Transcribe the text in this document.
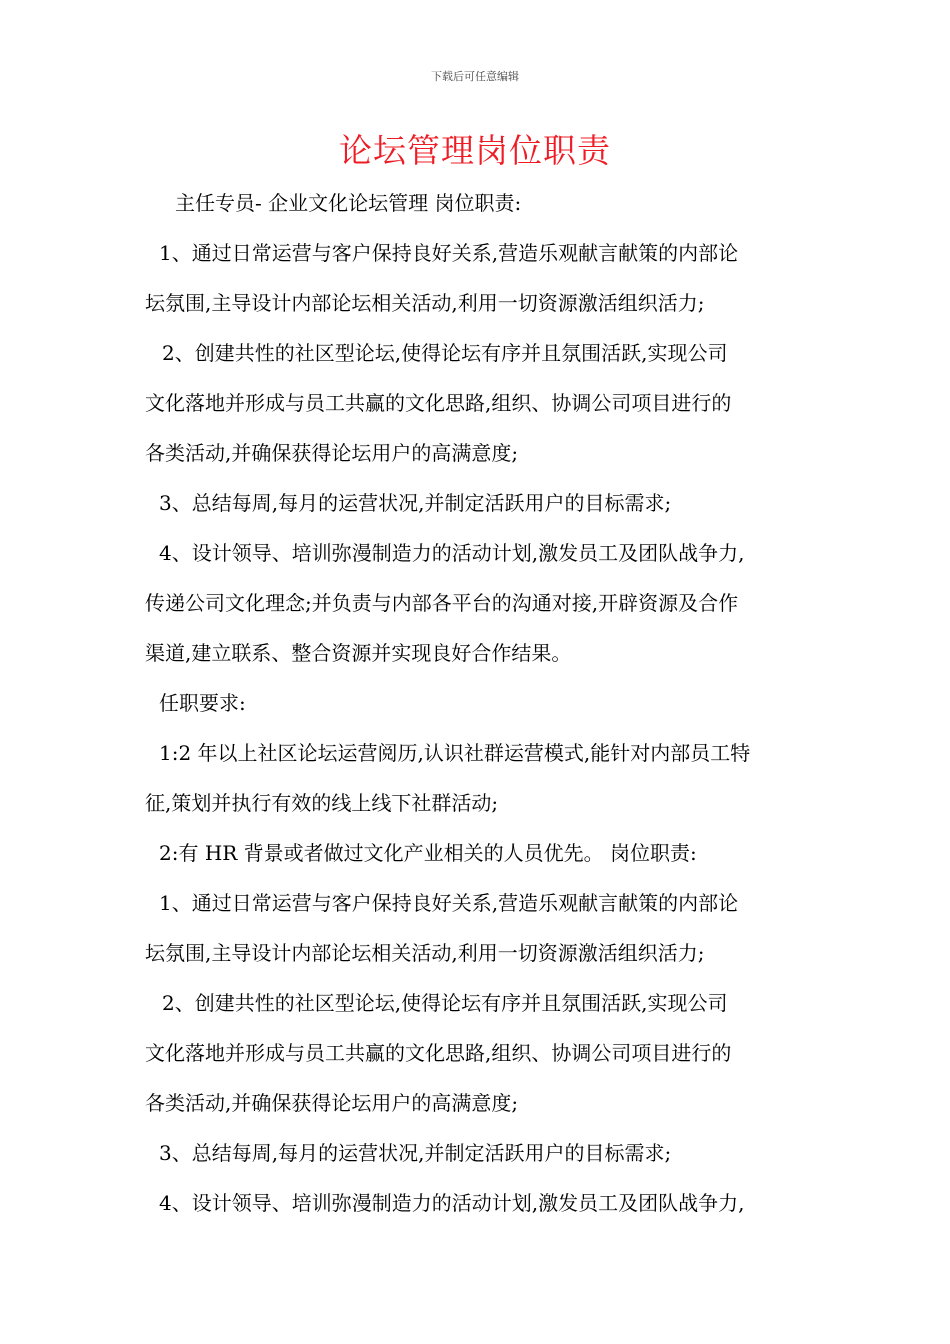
下载后可任意编辑
论坛管理岗位职责
主任专员- 企业文化论坛管理 岗位职责:
1、通过日常运营与客户保持良好关系,营造乐观献言献策的内部论
坛氛围,主导设计内部论坛相关活动,利用一切资源激活组织活力;
2、创建共性的社区型论坛,使得论坛有序并且氛围活跃,实现公司
文化落地并形成与员工共赢的文化思路,组织、协调公司项目进行的
各类活动,并确保获得论坛用户的高满意度;
3、总结每周,每月的运营状况,并制定活跃用户的目标需求;
4、设计领导、培训弥漫制造力的活动计划,激发员工及团队战争力,
传递公司文化理念;并负责与内部各平台的沟通对接,开辟资源及合作
渠道,建立联系、整合资源并实现良好合作结果。
任职要求:
1:2 年以上社区论坛运营阅历,认识社群运营模式,能针对内部员工特
征,策划并执行有效的线上线下社群活动;
2:有 HR 背景或者做过文化产业相关的人员优先。 岗位职责:
1、通过日常运营与客户保持良好关系,营造乐观献言献策的内部论
坛氛围,主导设计内部论坛相关活动,利用一切资源激活组织活力;
2、创建共性的社区型论坛,使得论坛有序并且氛围活跃,实现公司
文化落地并形成与员工共赢的文化思路,组织、协调公司项目进行的
各类活动,并确保获得论坛用户的高满意度;
3、总结每周,每月的运营状况,并制定活跃用户的目标需求;
4、设计领导、培训弥漫制造力的活动计划,激发员工及团队战争力,
